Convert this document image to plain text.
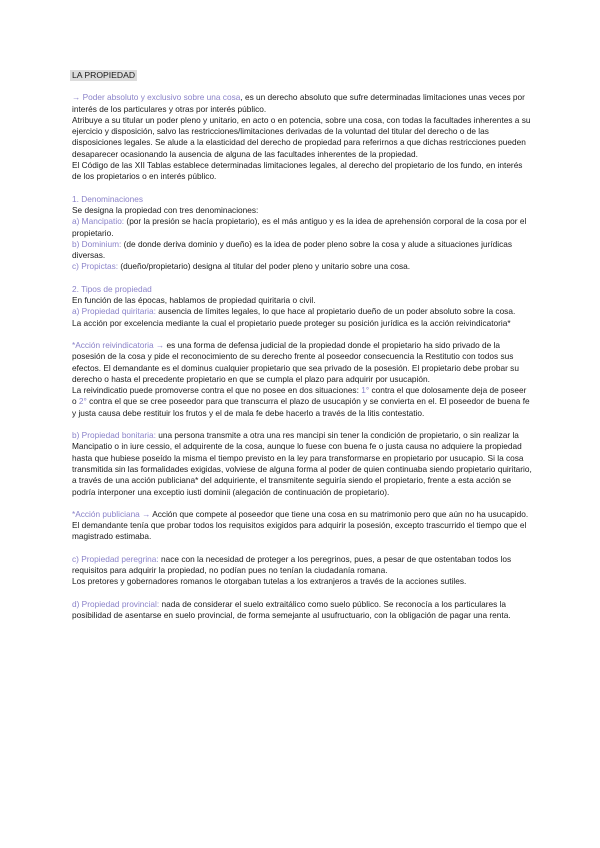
LA PROPIEDAD

→ Poder absoluto y exclusivo sobre una cosa, es un derecho absoluto que sufre determinadas limitaciones unas veces por interés de los particulares y otras por interés público.

Atribuye a su titular un poder pleno y unitario, en acto o en potencia, sobre una cosa, con todas la facultades inherentes a su ejercicio y disposición, salvo las restricciones/limitaciones derivadas de la voluntad del titular del derecho o de las disposiciones legales. Se alude a la elasticidad del derecho de propiedad para referirnos a que dichas restricciones pueden desaparecer ocasionando la ausencia de alguna de las facultades inherentes de la propiedad.

El Código de las XII Tablas establece determinadas limitaciones legales, al derecho del propietario de los fundo, en interés de los propietarios o en interés público.

1. Denominaciones

Se designa la propiedad con tres denominaciones:

a) Mancipatio: (por la presión se hacía propietario), es el más antiguo y es la idea de aprehensión corporal de la cosa por el propietario.

b) Dominium: (de donde deriva dominio y dueño) es la idea de poder pleno sobre la cosa y alude a situaciones jurídicas diversas.

c) Propictas: (dueño/propietario) designa al titular del poder pleno y unitario sobre una cosa.

2. Tipos de propiedad

En función de las épocas, hablamos de propiedad quiritaria o civil.

a) Propiedad quiritaria: ausencia de límites legales, lo que hace al propietario dueño de un poder absoluto sobre la cosa.

La acción por excelencia mediante la cual el propietario puede proteger su posición jurídica es la acción reivindicatoria*

*Acción reivindicatoria → es una forma de defensa judicial de la propiedad donde el propietario ha sido privado de la posesión de la cosa y pide el reconocimiento de su derecho frente al poseedor consecuencia la Restitutio con todos sus efectos. El demandante es el dominus cualquier propietario que sea privado de la posesión. El propietario debe probar su derecho o hasta el precedente propietario en que se cumpla el plazo para adquirir por usucapión.

La reivindicatio puede promoverse contra el que no posee en dos situaciones: 1° contra el que dolosamente deja de poseer o 2° contra el que se cree poseedor para que transcurra el plazo de usucapión y se convierta en el. El poseedor de buena fe y justa causa debe restituir los frutos y el de mala fe debe hacerlo a través de la litis contestatio.

b) Propiedad bonitaria: una persona transmite a otra una res mancipi sin tener la condición de propietario, o sin realizar la Mancipatio o in iure cessio, el adquirente de la cosa, aunque lo fuese con buena fe o justa causa no adquiere la propiedad hasta que hubiese poseído la misma el tiempo previsto en la ley para transformarse en propietario por usucapio. Si la cosa transmitida sin las formalidades exigidas, volviese de alguna forma al poder de quien continuaba siendo propietario quiritario, a través de una acción publiciana* del adquiriente, el transmitente seguiría siendo el propietario, frente a esta acción se podría interponer una exceptio iusti dominii (alegación de continuación de propietario).

*Acción publiciana → Acción que compete al poseedor que tiene una cosa en su matrimonio pero que aún no ha usucapido. El demandante tenía que probar todos los requisitos exigidos para adquirir la posesión, excepto trascurrido el tiempo que el magistrado estimaba.

c) Propiedad peregrina: nace con la necesidad de proteger a los peregrinos, pues, a pesar de que ostentaban todos los requisitos para adquirir la propiedad, no podían pues no tenían la ciudadanía romana.

Los pretores y gobernadores romanos le otorgaban tutelas a los extranjeros a través de la acciones sutiles.

d) Propiedad provincial: nada de considerar el suelo extraitálico como suelo público. Se reconocía a los particulares la posibilidad de asentarse en suelo provincial, de forma semejante al usufructuario, con la obligación de pagar una renta.
